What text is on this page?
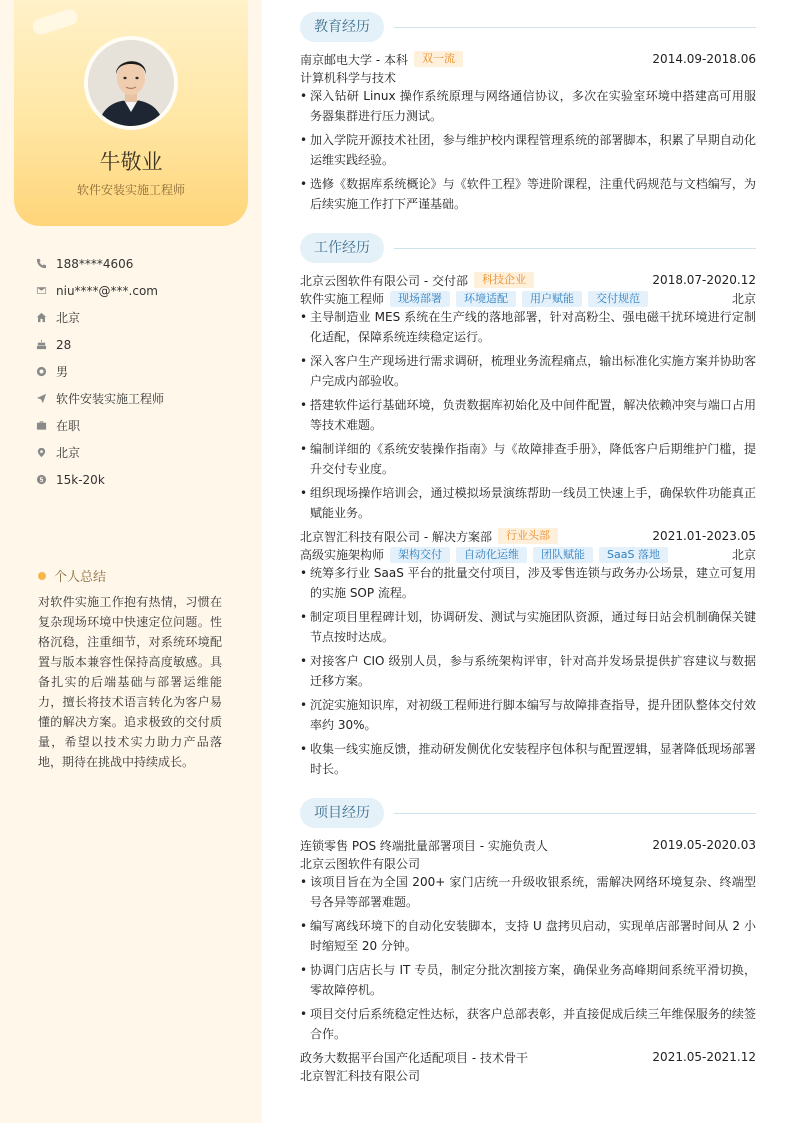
牛敬业
软件安装实施工程师
188****4606
niu****@***.com
北京
28
男
软件安装实施工程师
在职
北京
15k-20k
个人总结
对软件实施工作抱有热情，习惯在复杂现场环境中快速定位问题。性格沉稳，注重细节，对系统环境配置与版本兼容性保持高度敏感。具备扎实的后端基础与部署运维能力，擅长将技术语言转化为客户易懂的解决方案。追求极致的交付质量，希望以技术实力助力产品落地，期待在挑战中持续成长。
教育经历
南京邮电大学 - 本科	双一流	2014.09-2018.06
计算机科学与技术
• 深入钻研 Linux 操作系统原理与网络通信协议，多次在实验室环境中搭建高可用服务器集群进行压力测试。
• 加入学院开源技术社团，参与维护校内课程管理系统的部署脚本，积累了早期自动化运维实践经验。
• 选修《数据库系统概论》与《软件工程》等进阶课程，注重代码规范与文档编写，为后续实施工作打下严谨基础。
工作经历
北京云图软件有限公司 - 交付部	科技企业	2018.07-2020.12
软件实施工程师	现场部署	环境适配	用户赋能	交付规范	北京
• 主导制造业 MES 系统在生产线的落地部署，针对高粉尘、强电磁干扰环境进行定制化适配，保障系统连续稳定运行。
• 深入客户生产现场进行需求调研，梳理业务流程痛点，输出标准化实施方案并协助客户完成内部验收。
• 搭建软件运行基础环境，负责数据库初始化及中间件配置，解决依赖冲突与端口占用等技术难题。
• 编制详细的《系统安装操作指南》与《故障排查手册》，降低客户后期维护门槛，提升交付专业度。
• 组织现场操作培训会，通过模拟场景演练帮助一线员工快速上手，确保软件功能真正赋能业务。
北京智汇科技有限公司 - 解决方案部	行业头部	2021.01-2023.05
高级实施架构师	架构交付	自动化运维	团队赋能	SaaS 落地	北京
• 统筹多行业 SaaS 平台的批量交付项目，涉及零售连锁与政务办公场景，建立可复用的实施 SOP 流程。
• 制定项目里程碑计划，协调研发、测试与实施团队资源，通过每日站会机制确保关键节点按时达成。
• 对接客户 CIO 级别人员，参与系统架构评审，针对高并发场景提供扩容建议与数据迁移方案。
• 沉淀实施知识库，对初级工程师进行脚本编写与故障排查指导，提升团队整体交付效率约 30%。
• 收集一线实施反馈，推动研发侧优化安装程序包体积与配置逻辑，显著降低现场部署时长。
项目经历
连锁零售 POS 终端批量部署项目 - 实施负责人	2019.05-2020.03
北京云图软件有限公司
• 该项目旨在为全国 200+ 家门店统一升级收银系统，需解决网络环境复杂、终端型号各异等部署难题。
• 编写离线环境下的自动化安装脚本，支持 U 盘拷贝启动，实现单店部署时间从 2 小时缩短至 20 分钟。
• 协调门店店长与 IT 专员，制定分批次割接方案，确保业务高峰期间系统平滑切换，零故障停机。
• 项目交付后系统稳定性达标，获客户总部表彰，并直接促成后续三年维保服务的续签合作。
政务大数据平台国产化适配项目 - 技术骨干	2021.05-2021.12
北京智汇科技有限公司
